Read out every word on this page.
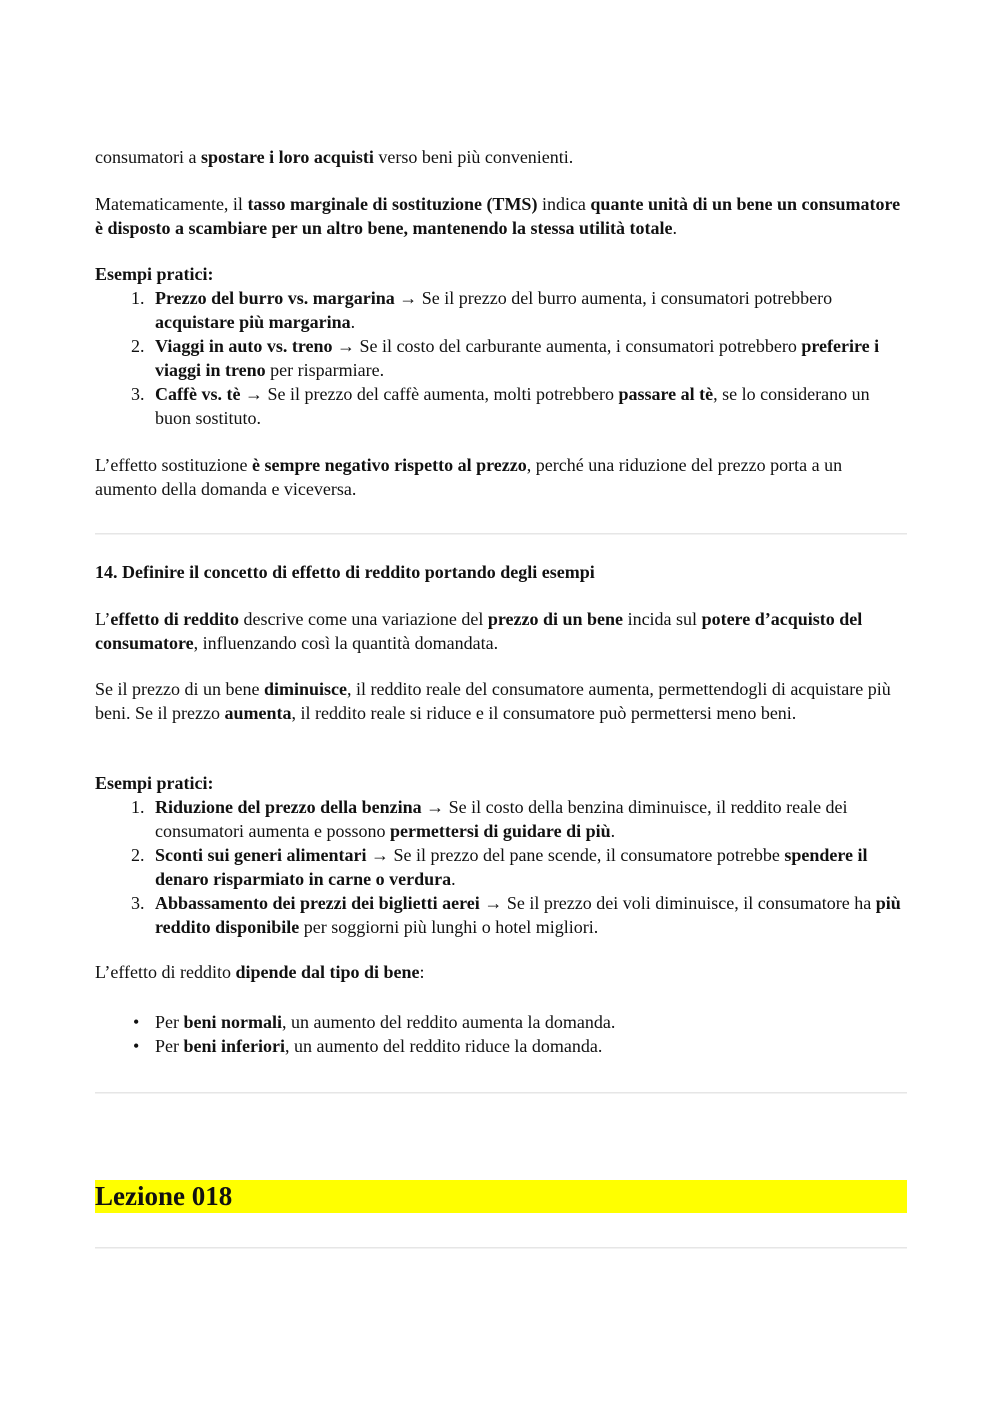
consumatori a spostare i loro acquisti verso beni più convenienti.

Matematicamente, il tasso marginale di sostituzione (TMS) indica quante unità di un bene un consumatore è disposto a scambiare per un altro bene, mantenendo la stessa utilità totale.

Esempi pratici:

1. Prezzo del burro vs. margarina → Se il prezzo del burro aumenta, i consumatori potrebbero acquistare più margarina.
2. Viaggi in auto vs. treno → Se il costo del carburante aumenta, i consumatori potrebbero preferire i viaggi in treno per risparmiare.
3. Caffè vs. tè → Se il prezzo del caffè aumenta, molti potrebbero passare al tè, se lo considerano un buon sostituto.

L’effetto sostituzione è sempre negativo rispetto al prezzo, perché una riduzione del prezzo porta a un aumento della domanda e viceversa.

14. Definire il concetto di effetto di reddito portando degli esempi

L’effetto di reddito descrive come una variazione del prezzo di un bene incida sul potere d’acquisto del consumatore, influenzando così la quantità domandata.

Se il prezzo di un bene diminuisce, il reddito reale del consumatore aumenta, permettendogli di acquistare più beni. Se il prezzo aumenta, il reddito reale si riduce e il consumatore può permettersi meno beni.

Esempi pratici:

1. Riduzione del prezzo della benzina → Se il costo della benzina diminuisce, il reddito reale dei consumatori aumenta e possono permettersi di guidare di più.
2. Sconti sui generi alimentari → Se il prezzo del pane scende, il consumatore potrebbe spendere il denaro risparmiato in carne o verdura.
3. Abbassamento dei prezzi dei biglietti aerei → Se il prezzo dei voli diminuisce, il consumatore ha più reddito disponibile per soggiorni più lunghi o hotel migliori.

L’effetto di reddito dipende dal tipo di bene:

• Per beni normali, un aumento del reddito aumenta la domanda.
• Per beni inferiori, un aumento del reddito riduce la domanda.
Lezione 018
